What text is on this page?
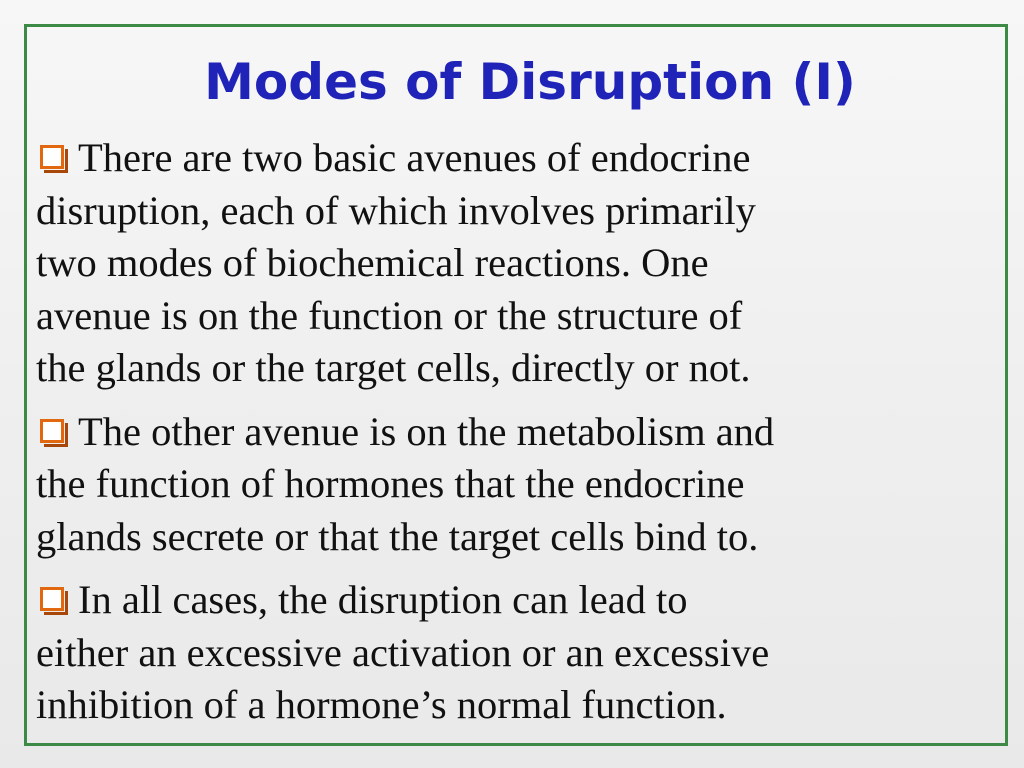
Modes of Disruption (I)

There are two basic avenues of endocrine
disruption, each of which involves primarily
two modes of biochemical reactions. One
avenue is on the function or the structure of
the glands or the target cells, directly or not.

The other avenue is on the metabolism and
the function of hormones that the endocrine
glands secrete or that the target cells bind to.

In all cases, the disruption can lead to
either an excessive activation or an excessive
inhibition of a hormone’s normal function.
